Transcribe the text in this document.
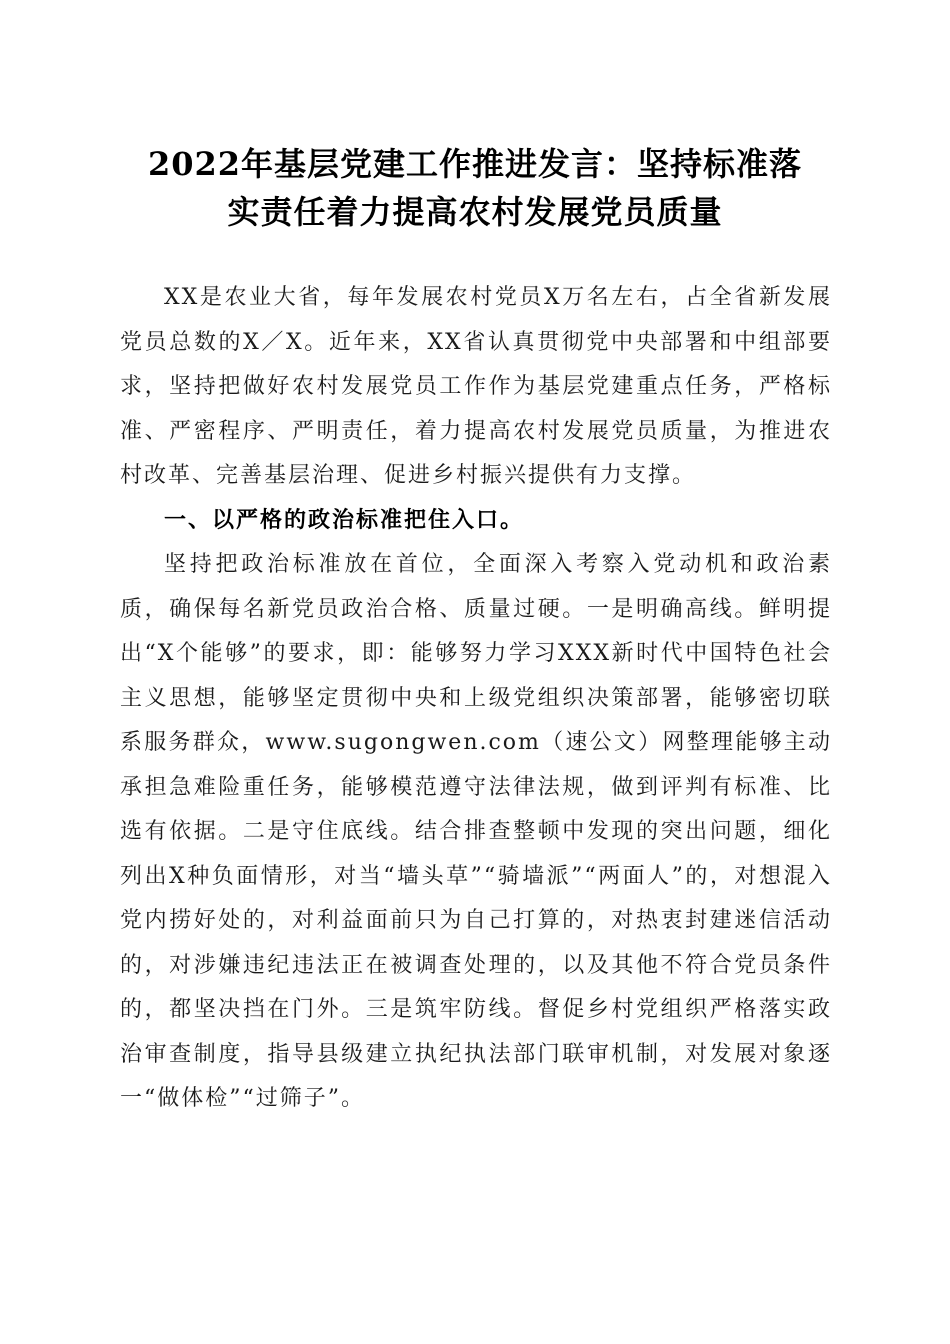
2022年基层党建工作推进发言：坚持标准落
实责任着力提高农村发展党员质量

XX是农业大省，每年发展农村党员X万名左右，占全省新发展党员总数的X／X。近年来，XX省认真贯彻党中央部署和中组部要求，坚持把做好农村发展党员工作作为基层党建重点任务，严格标准、严密程序、严明责任，着力提高农村发展党员质量，为推进农村改革、完善基层治理、促进乡村振兴提供有力支撑。

一、以严格的政治标准把住入口。

坚持把政治标准放在首位，全面深入考察入党动机和政治素质，确保每名新党员政治合格、质量过硬。一是明确高线。鲜明提出“X个能够”的要求，即：能够努力学习XXX新时代中国特色社会主义思想，能够坚定贯彻中央和上级党组织决策部署，能够密切联系服务群众，www.sugongwen.com（速公文）网整理能够主动承担急难险重任务，能够模范遵守法律法规，做到评判有标准、比选有依据。二是守住底线。结合排查整顿中发现的突出问题，细化列出X种负面情形，对当“墙头草”“骑墙派”“两面人”的，对想混入党内捞好处的，对利益面前只为自己打算的，对热衷封建迷信活动的，对涉嫌违纪违法正在被调查处理的，以及其他不符合党员条件的，都坚决挡在门外。三是筑牢防线。督促乡村党组织严格落实政治审查制度，指导县级建立执纪执法部门联审机制，对发展对象逐一“做体检”“过筛子”。
